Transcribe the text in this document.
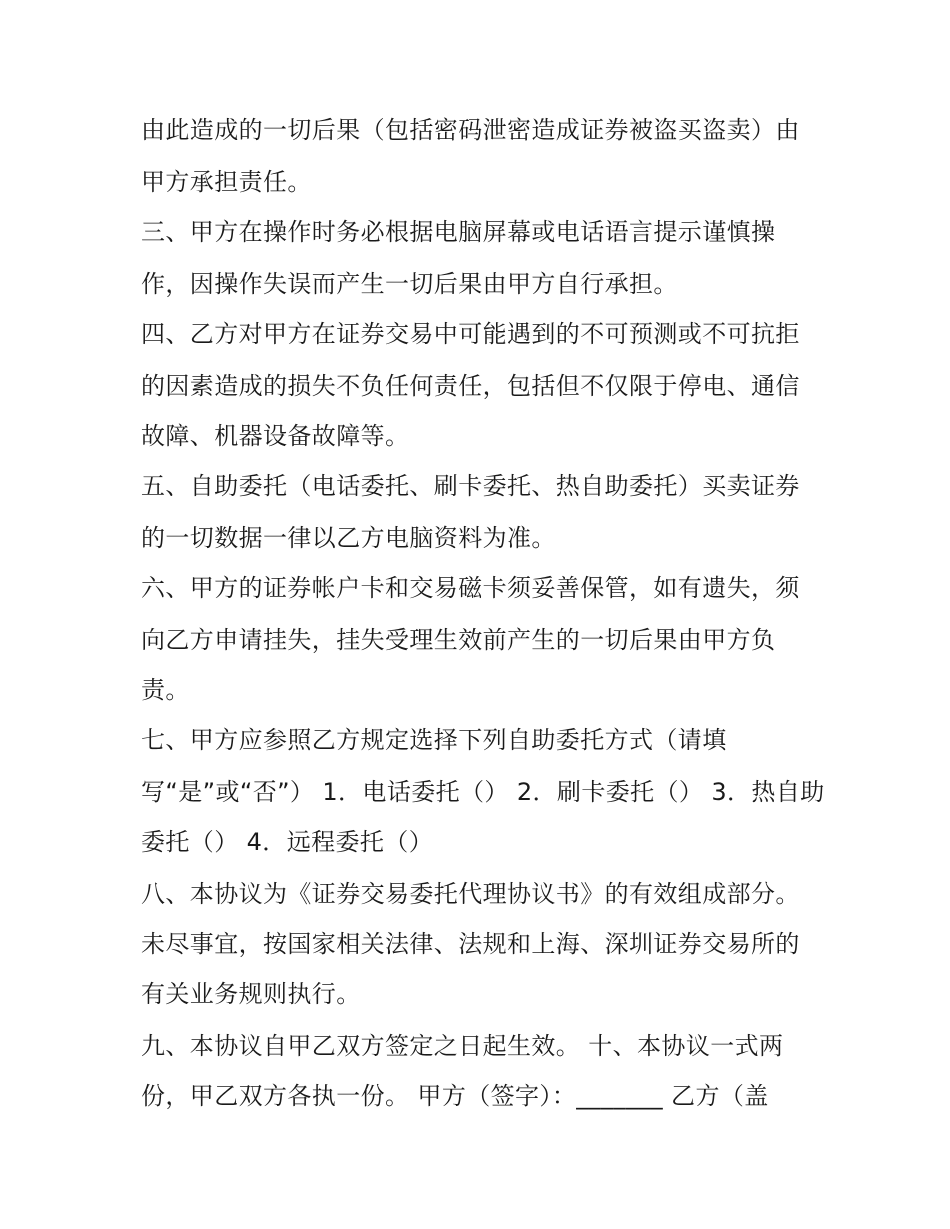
由此造成的一切后果（包括密码泄密造成证券被盗买盗卖）由
甲方承担责任。
三、甲方在操作时务必根据电脑屏幕或电话语言提示谨慎操
作，因操作失误而产生一切后果由甲方自行承担。
四、乙方对甲方在证券交易中可能遇到的不可预测或不可抗拒
的因素造成的损失不负任何责任，包括但不仅限于停电、通信
故障、机器设备故障等。
五、自助委托（电话委托、刷卡委托、热自助委托）买卖证券
的一切数据一律以乙方电脑资料为准。
六、甲方的证券帐户卡和交易磁卡须妥善保管，如有遗失，须
向乙方申请挂失，挂失受理生效前产生的一切后果由甲方负
责。
七、甲方应参照乙方规定选择下列自助委托方式（请填
写“是”或“否”） 1．电话委托（） 2．刷卡委托（） 3．热自助
委托（） 4．远程委托（）
八、本协议为《证券交易委托代理协议书》的有效组成部分。
未尽事宜，按国家相关法律、法规和上海、深圳证券交易所的
有关业务规则执行。
九、本协议自甲乙双方签定之日起生效。 十、本协议一式两
份，甲乙双方各执一份。 甲方（签字）：_______ 乙方（盖
